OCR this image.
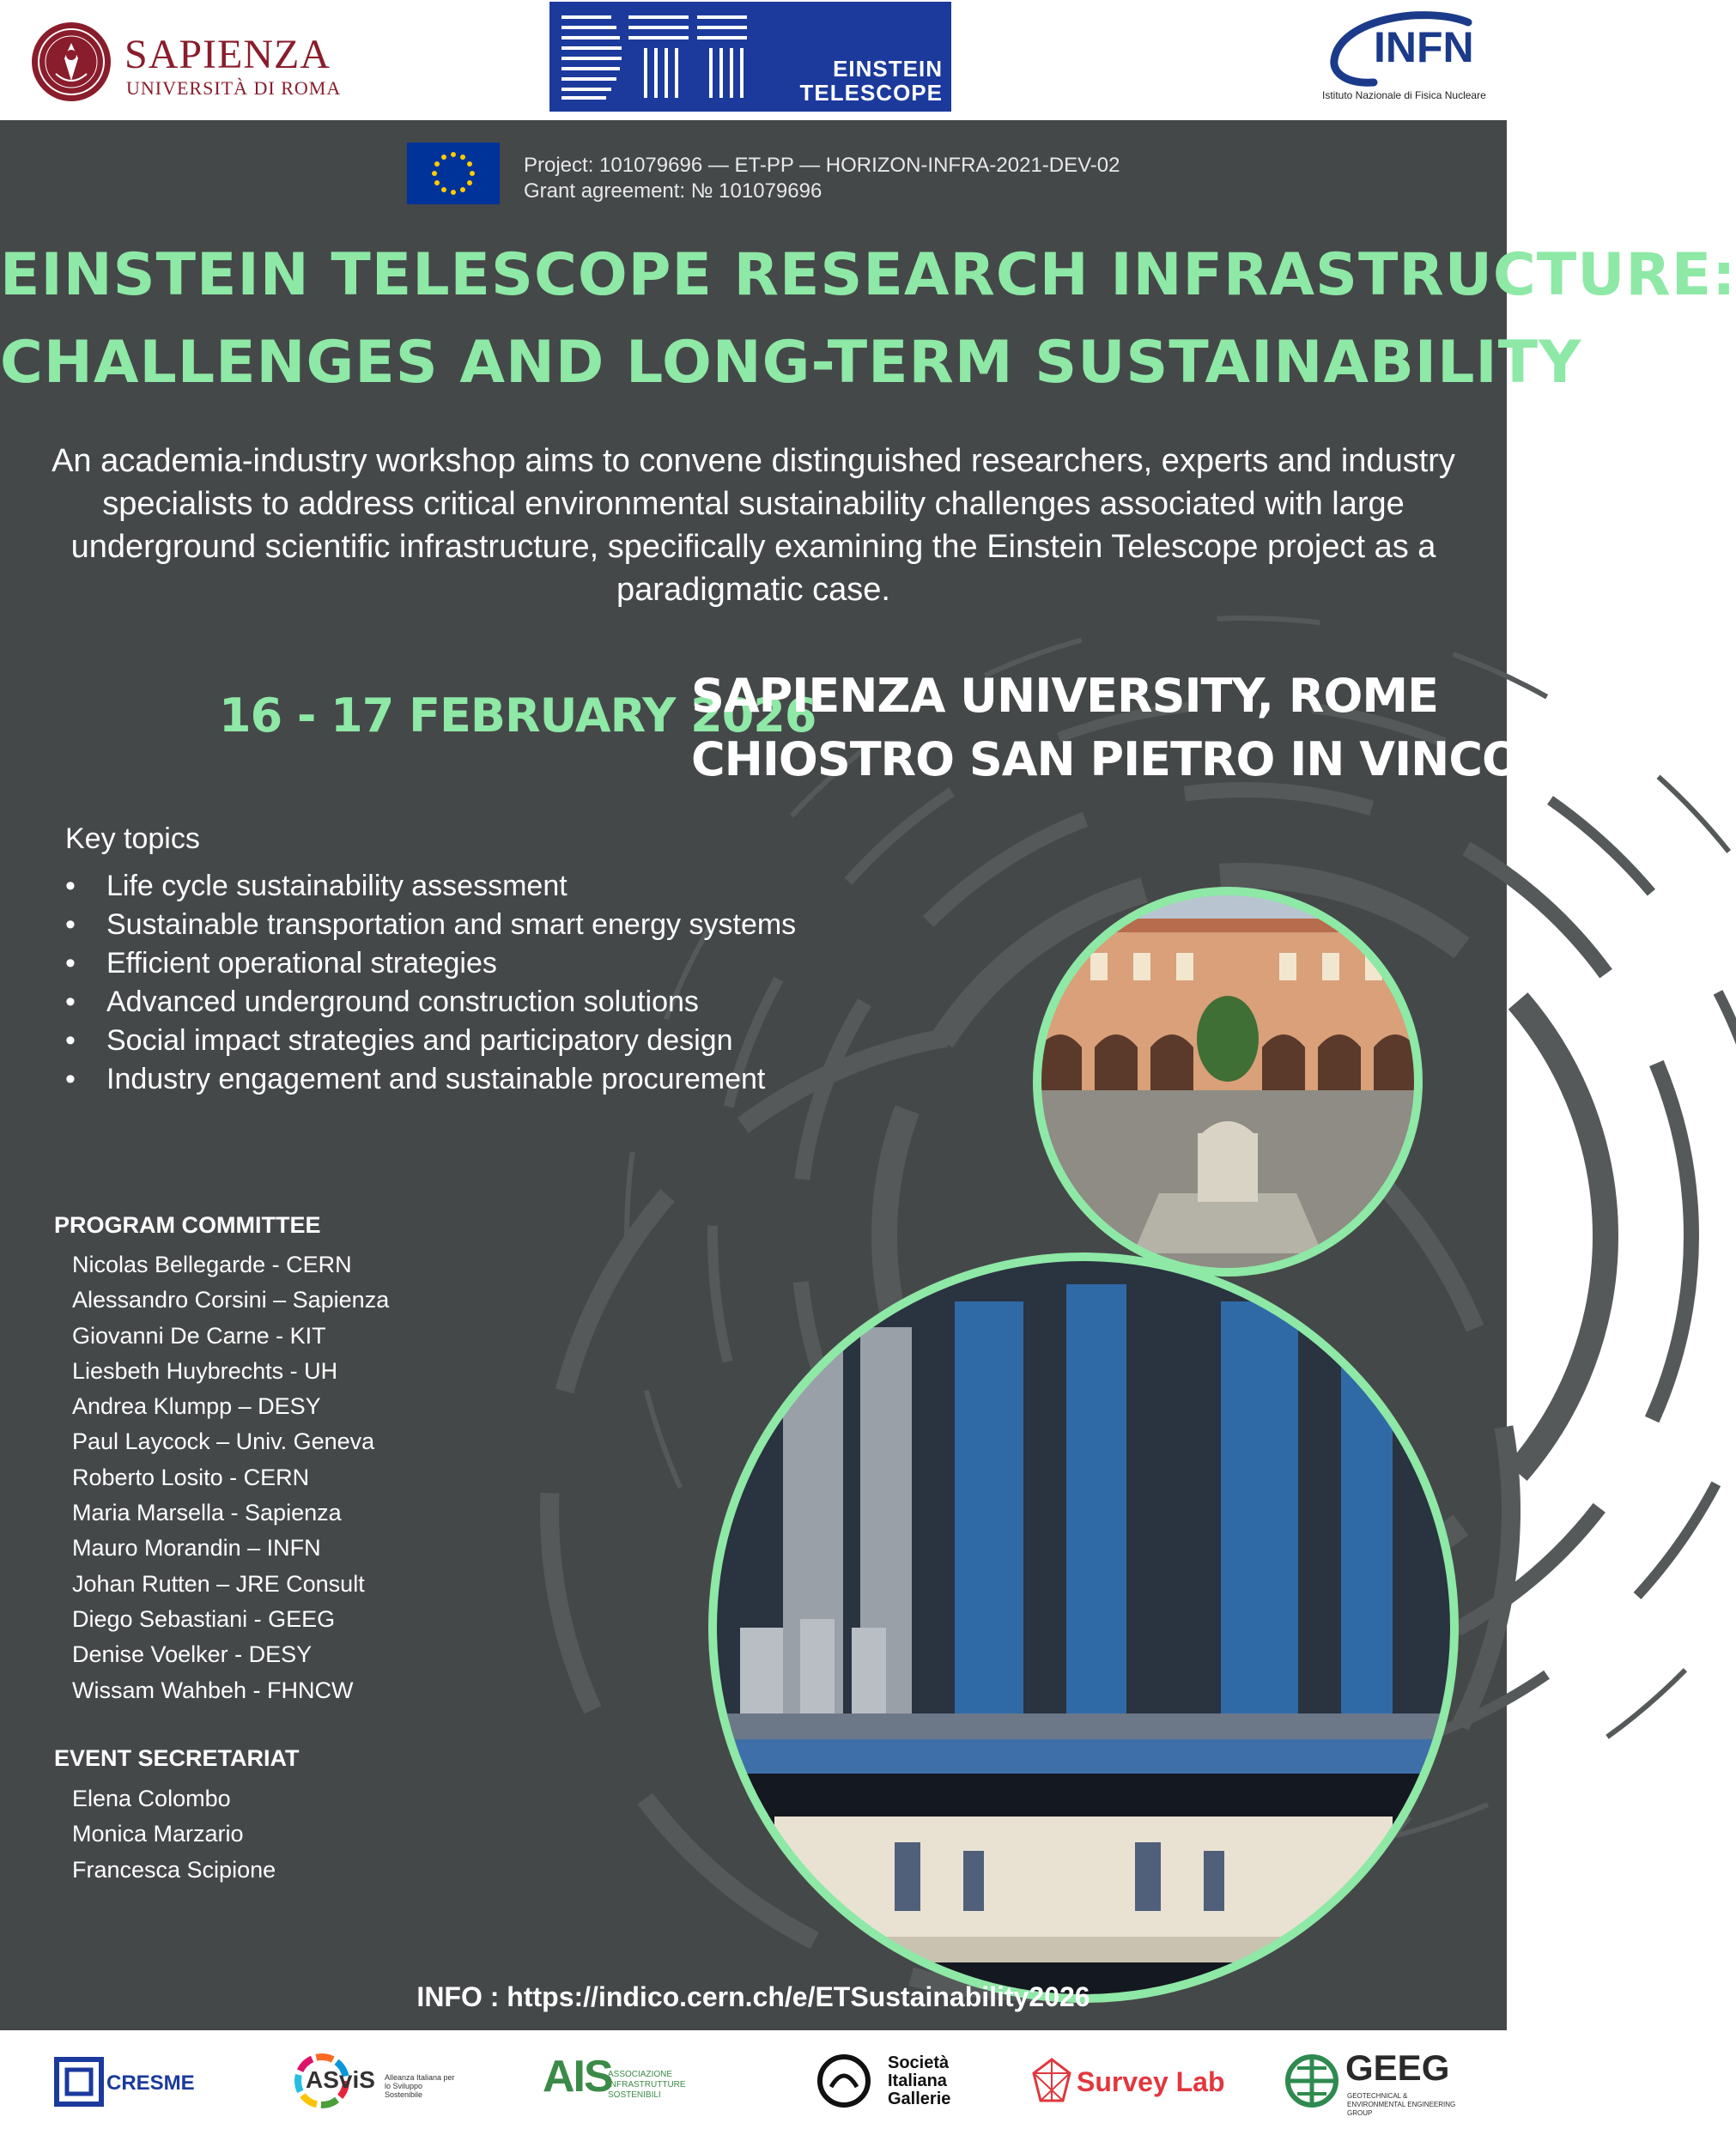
SAPIENZA
UNIVERSITÀ DI ROMA
EINSTEIN
TELESCOPE
INFN
Istituto Nazionale di Fisica Nucleare
Project: 101079696 — ET-PP — HORIZON-INFRA-2021-DEV-02
Grant agreement: № 101079696
EINSTEIN TELESCOPE RESEARCH INFRASTRUCTURE:
CHALLENGES AND LONG-TERM SUSTAINABILITY
An academia-industry workshop aims to convene distinguished researchers, experts and industry specialists to address critical environmental sustainability challenges associated with large underground scientific infrastructure, specifically examining the Einstein Telescope project as a paradigmatic case.
16 - 17 FEBRUARY 2026
SAPIENZA UNIVERSITY, ROME
CHIOSTRO SAN PIETRO IN VINCOLI
Key topics
• Life cycle sustainability assessment
• Sustainable transportation and smart energy systems
• Efficient operational strategies
• Advanced underground construction solutions
• Social impact strategies and participatory design
• Industry engagement and sustainable procurement
PROGRAM COMMITTEE
Nicolas Bellegarde - CERN
Alessandro Corsini – Sapienza
Giovanni De Carne - KIT
Liesbeth Huybrechts - UH
Andrea Klumpp – DESY
Paul Laycock – Univ. Geneva
Roberto Losito - CERN
Maria Marsella - Sapienza
Mauro Morandin – INFN
Johan Rutten – JRE Consult
Diego Sebastiani - GEEG
Denise Voelker - DESY
Wissam Wahbeh - FHNCW
EVENT SECRETARIAT
Elena Colombo
Monica Marzario
Francesca Scipione
INFO : https://indico.cern.ch/e/ETSustainability2026
CRESME	ASviS Alleanza Italiana per lo Sviluppo Sostenibile	AIS
ASSOCIAZIONE INFRASTRUTTURE SOSTENIBILI
Società
Italiana
Gallerie
Survey Lab	GEEG
GEOTECHNICAL & ENVIRONMENTAL ENGINEERING GROUP
